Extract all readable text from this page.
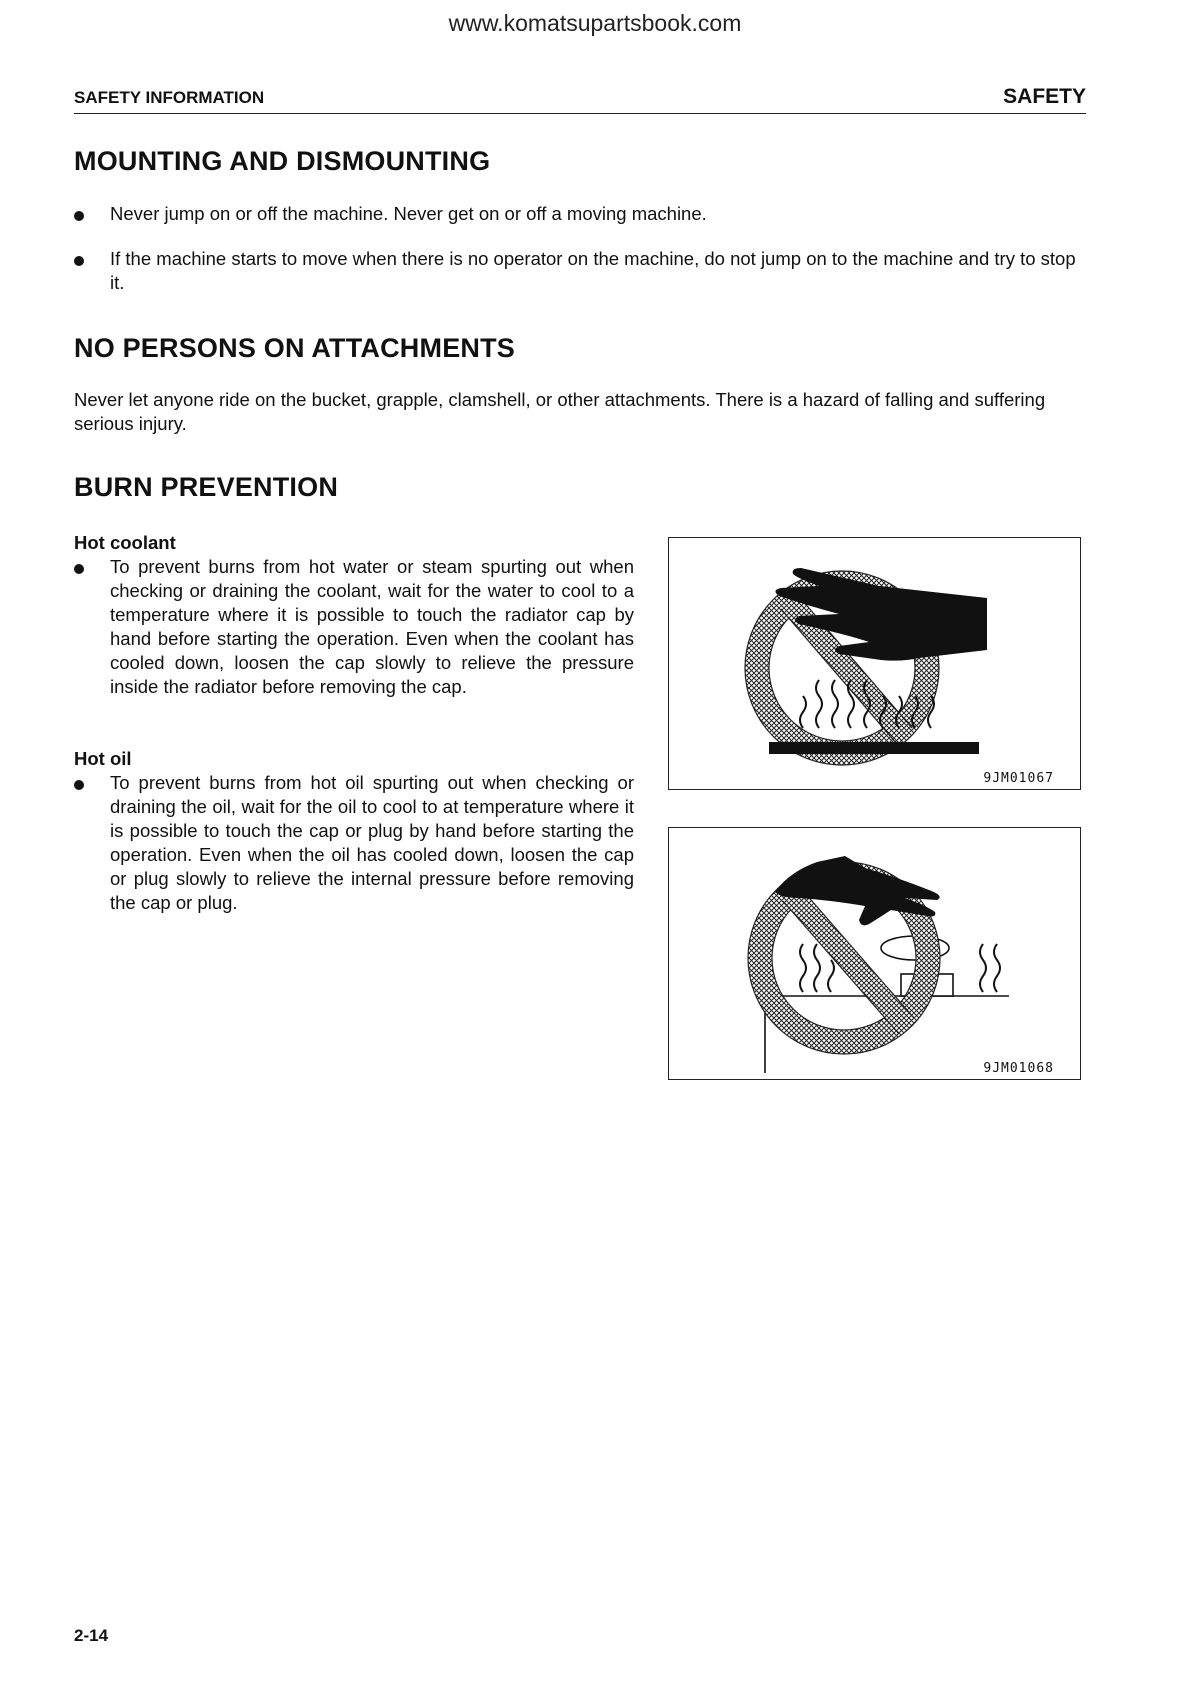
www.komatsupartsbook.com
SAFETY INFORMATION	SAFETY
MOUNTING AND DISMOUNTING
Never jump on or off the machine. Never get on or off a moving machine.
If the machine starts to move when there is no operator on the machine, do not jump on to the machine and try to stop it.
NO PERSONS ON ATTACHMENTS
Never let anyone ride on the bucket, grapple, clamshell, or other attachments. There is a hazard of falling and suffering serious injury.
BURN PREVENTION
Hot coolant
To prevent burns from hot water or steam spurting out when checking or draining the coolant, wait for the water to cool to a temperature where it is possible to touch the radiator cap by hand before starting the operation. Even when the coolant has cooled down, loosen the cap slowly to relieve the pressure inside the radiator before removing the cap.
Hot oil
To prevent burns from hot oil spurting out when checking or draining the oil, wait for the oil to cool to at temperature where it is possible to touch the cap or plug by hand before starting the operation. Even when the oil has cooled down, loosen the cap or plug slowly to relieve the internal pressure before removing the cap or plug.
9JM01067
9JM01068
2-14
